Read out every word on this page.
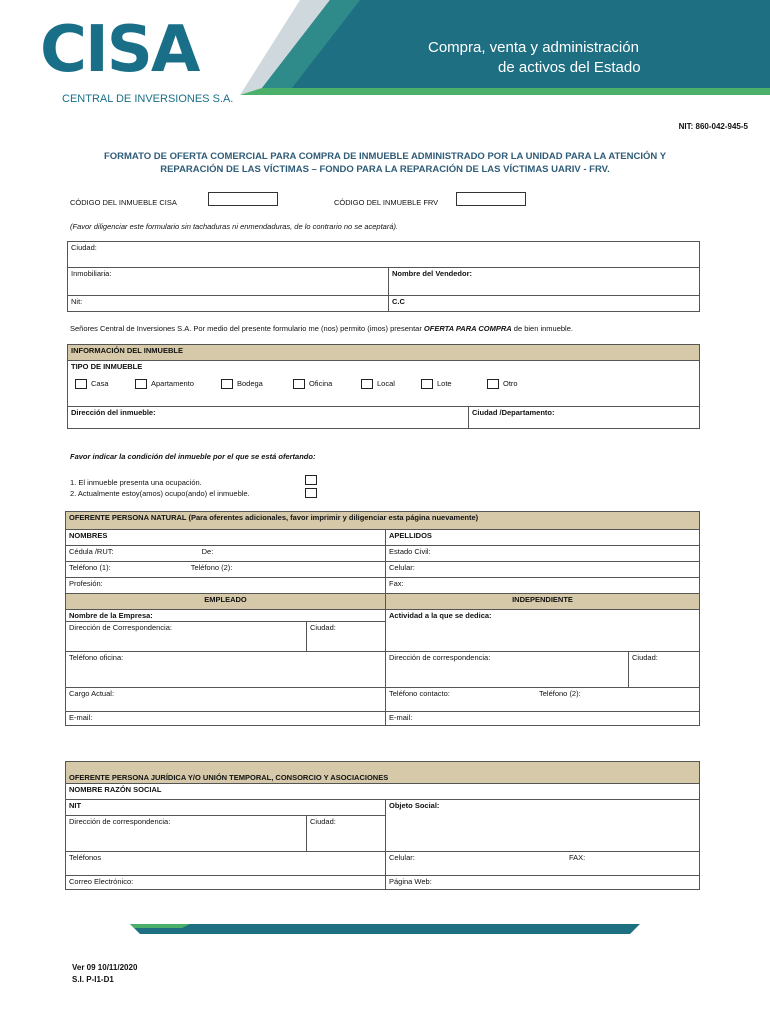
CISA
CENTRAL DE INVERSIONES S.A.
Compra, venta y administración
de activos del Estado
NIT: 860-042-945-5
FORMATO DE OFERTA COMERCIAL PARA COMPRA DE INMUEBLE ADMINISTRADO POR LA UNIDAD PARA LA ATENCIÓN Y
REPARACIÓN DE LAS VÍCTIMAS – FONDO PARA LA REPARACIÓN DE LAS VÍCTIMAS UARIV - FRV.
CÓDIGO DEL INMUEBLE CISA	CÓDIGO DEL INMUEBLE FRV
(Favor diligenciar este formulario sin tachaduras ni enmendaduras, de lo contrario no se aceptará).
Ciudad:	
Inmobiliaria:	Nombre del Vendedor:
Nit:	C.C
Señores Central de Inversiones S.A. Por medio del presente formulario me (nos) permito (imos) presentar OFERTA PARA COMPRA de bien inmueble.
INFORMACIÓN DEL INMUEBLE

TIPO DE INMUEBLE
Casa	Apartamento	Bodega	Oficina	Local	Lote	Otro

Dirección del inmueble:	Ciudad /Departamento:
Favor indicar la condición del inmueble por el que se está ofertando:
1. El inmueble presenta una ocupación.
2. Actualmente estoy(amos) ocupo(ando) el inmueble.
OFERENTE PERSONA NATURAL (Para oferentes adicionales, favor imprimir y diligenciar esta página nuevamente)			
NOMBRES		APELLIDOS	
Cédula /RUT: De:		Estado Civil:	
Teléfono (1): Teléfono (2):		Celular:	
Profesión:		Fax:	
EMPLEADO		INDEPENDIENTE	
Nombre de la Empresa:		Actividad a la que se dedica:	
Dirección de Correspondencia:	Ciudad:		
Teléfono oficina:		Dirección de correspondencia:	Ciudad:
Cargo Actual:		Teléfono contacto: Teléfono (2):	
E-mail:		E-mail:	
OFERENTE PERSONA JURÍDICA Y/O UNIÓN TEMPORAL, CONSORCIO Y ASOCIACIONES		
NOMBRE RAZÓN SOCIAL		
NIT		Objeto Social:
Dirección de correspondencia:	Ciudad:	
Teléfonos		Celular: FAX:
Correo Electrónico:		Página Web:
Ver 09 10/11/2020
S.I. P-I1-D1
